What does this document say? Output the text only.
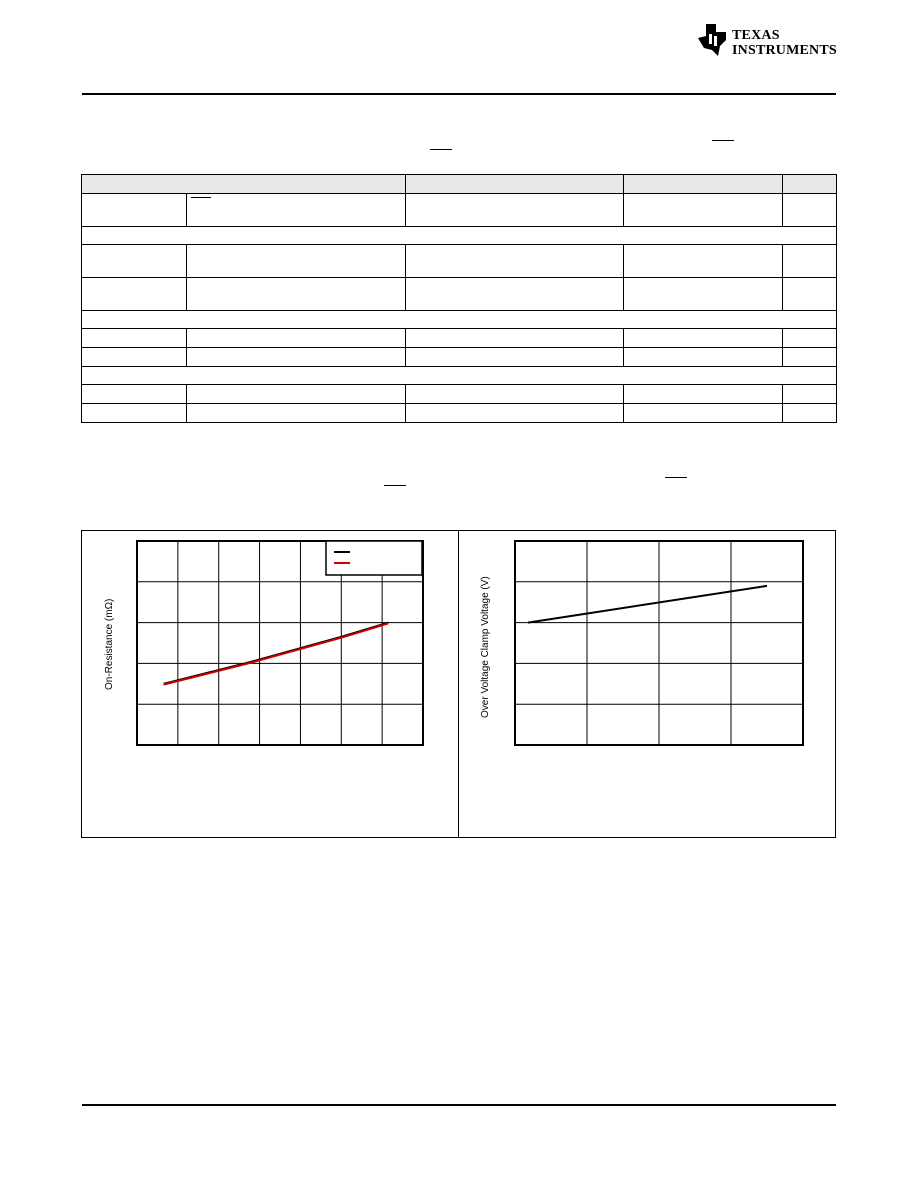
TEXAS
INSTRUMENTS

On-Resistance (mΩ)	Over Voltage Clamp Voltage (V)
